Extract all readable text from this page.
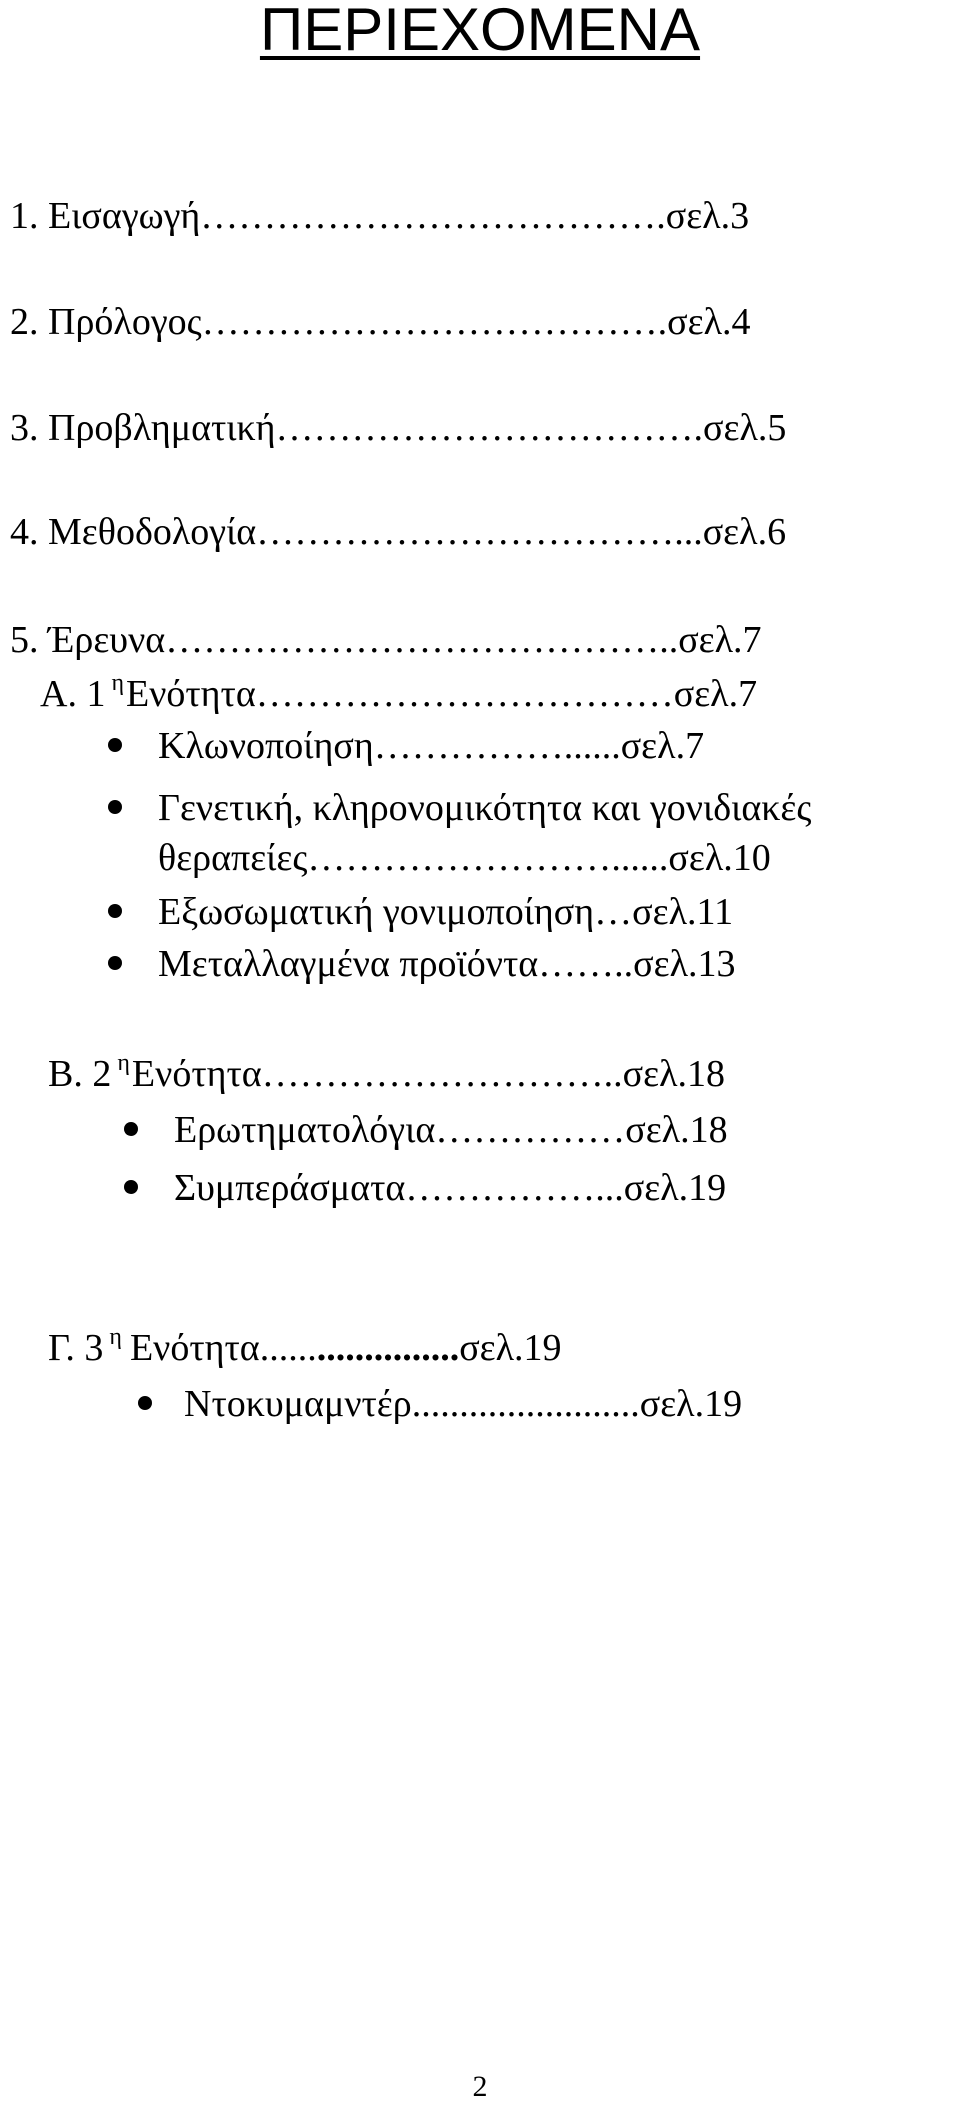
ΠΕΡΙΕΧΟΜΕΝΑ
1. Εισαγωγή……………………………….σελ.3
2. Πρόλογος……………………………….σελ.4
3. Προβληματική…………………………….σελ.5
4. Μεθοδολογία……………………………...σελ.6
5. Έρευνα…………………………………..σελ.7
Α. 1 $^\eta$Ενότητα……………………………σελ.7
Κλωνοποίηση……………......σελ.7
Γενετική, κληρονομικότητα και γονιδιακές
θεραπείες……………………......σελ.10
Εξωσωματική γονιμοποίηση…σελ.11
Μεταλλαγμένα προϊόντα……..σελ.13
Β. 2 $^\eta$Ενότητα………………………..σελ.18
Ερωτηματολόγια……………σελ.18
Συμπεράσματα……………...σελ.19
Γ. 3 $^\eta$ Ενότητα.....................σελ.19
Ντοκυμαμντέρ........................σελ.19
2
